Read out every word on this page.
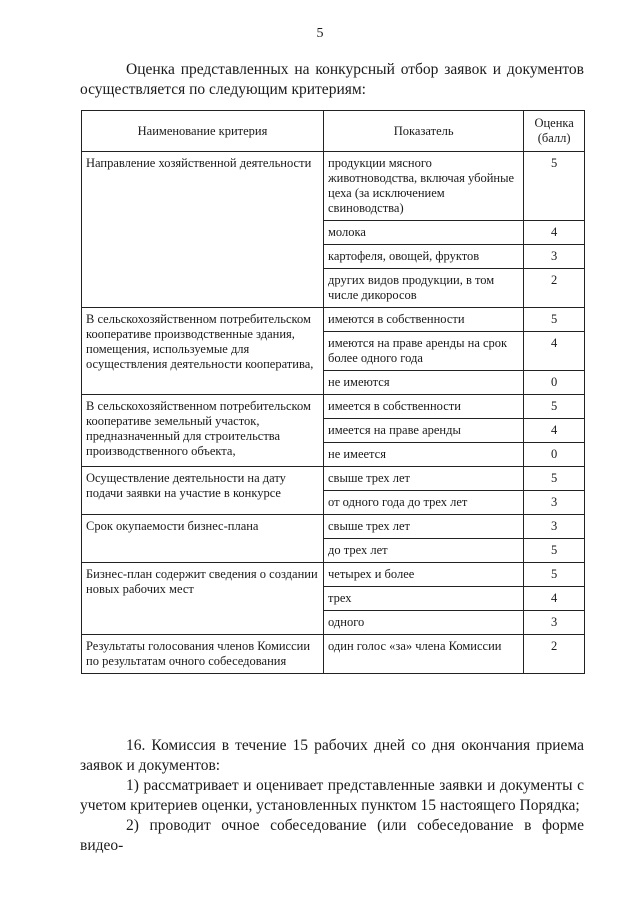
5

Оценка представленных на конкурсный отбор заявок и документов осуществляется по следующим критериям:

Наименование критерия	Показатель	Оценка (балл)
Направление хозяйственной деятельности	продукции мясного животноводства, включая убойные цеха (за исключением свиноводства)	5
	молока	4
	картофеля, овощей, фруктов	3
	других видов продукции, в том числе дикоросов	2
В сельскохозяйственном потребительском кооперативе производственные здания, помещения, используемые для осуществления деятельности кооператива,	имеются в собственности	5
	имеются на праве аренды на срок более одного года	4
	не имеются	0
В сельскохозяйственном потребительском кооперативе земельный участок, предназначенный для строительства производственного объекта,	имеется в собственности	5
	имеется на праве аренды	4
	не имеется	0
Осуществление деятельности на дату подачи заявки на участие в конкурсе	свыше трех лет	5
	от одного года до трех лет	3
Срок окупаемости бизнес-плана	свыше трех лет	3
	до трех лет	5
Бизнес-план содержит сведения о создании новых рабочих мест	четырех и более	5
	трех	4
	одного	3
Результаты голосования членов Комиссии по результатам очного собеседования	один голос «за» члена Комиссии	2

16. Комиссия в течение 15 рабочих дней со дня окончания приема заявок и документов:

1) рассматривает и оценивает представленные заявки и документы с учетом критериев оценки, установленных пунктом 15 настоящего Порядка;

2) проводит очное собеседование (или собеседование в форме видео-
